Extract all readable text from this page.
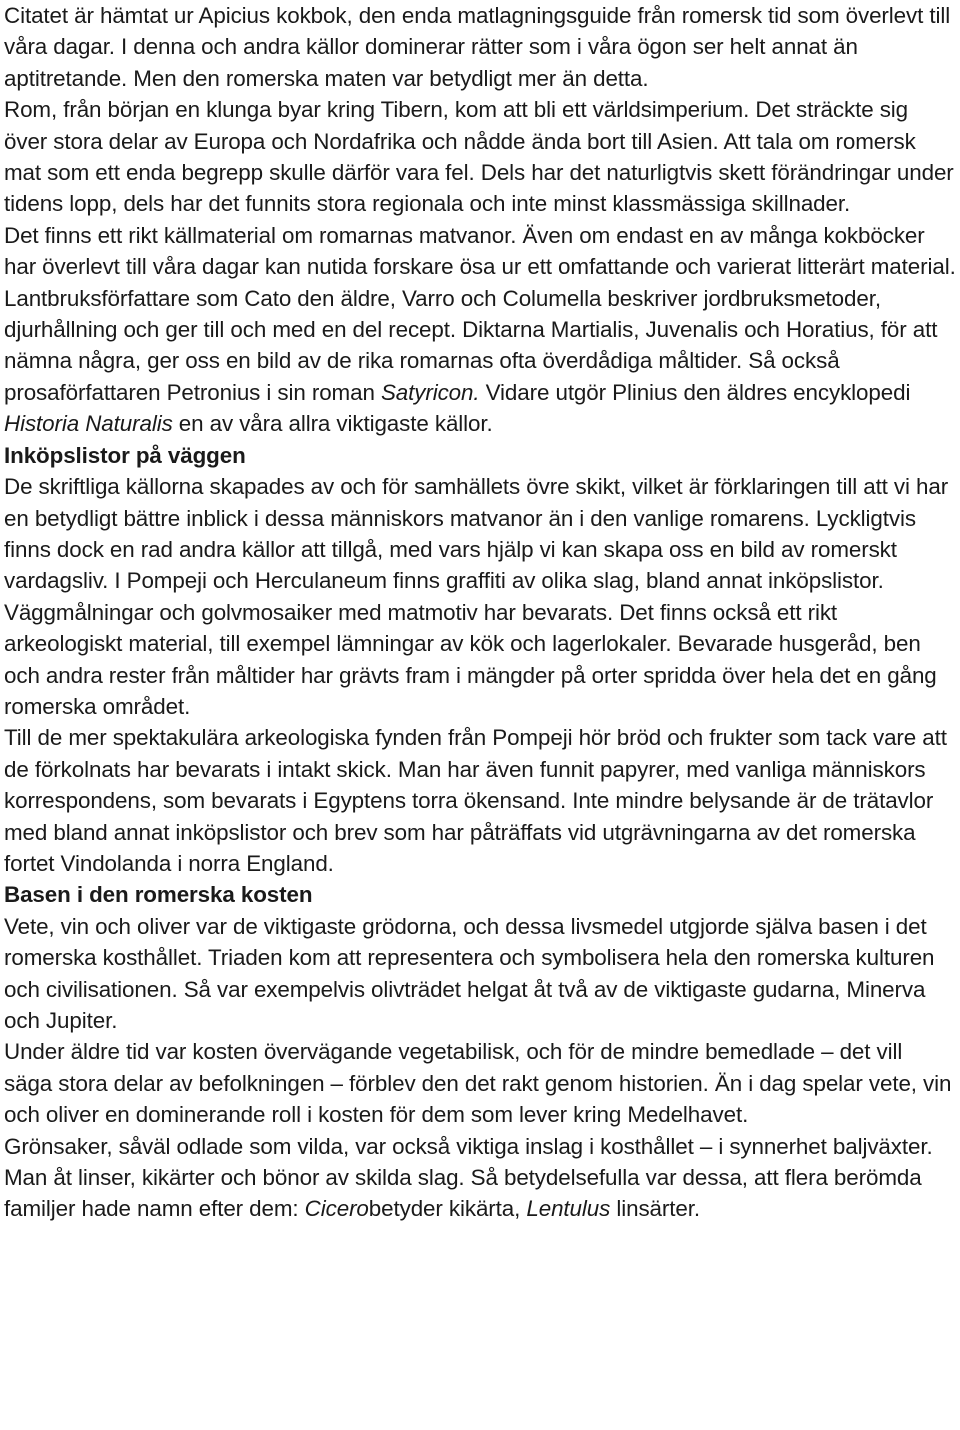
Citatet är hämtat ur Apicius kokbok, den enda matlagningsguide från romersk tid som överlevt till våra dagar. I denna och andra källor dominerar rätter som i våra ögon ser helt annat än aptitretande. Men den romerska maten var betydligt mer än detta.

Rom, från början en klunga byar kring Tibern, kom att bli ett världsimperium. Det sträckte sig över stora delar av Europa och Nordafrika och nådde ända bort till Asien. Att tala om romersk mat som ett enda begrepp skulle därför vara fel. Dels har det naturligtvis skett förändringar under tidens lopp, dels har det funnits stora regionala och inte minst klassmässiga skillnader.

Det finns ett rikt källmaterial om romarnas matvanor. Även om endast en av många kokböcker har överlevt till våra dagar kan nutida forskare ösa ur ett omfattande och varierat litterärt material. Lantbruksförfattare som Cato den äldre, Varro och Columella beskriver jordbruksmetoder, djurhållning och ger till och med en del recept. Diktarna Martialis, Juvenalis och Horatius, för att nämna några, ger oss en bild av de rika romarnas ofta överdådiga måltider. Så också prosaförfattaren Petronius i sin roman Satyricon. Vidare utgör Plinius den äldres encyklopedi Historia Naturalis en av våra allra viktigaste källor.

Inköpslistor på väggen

De skriftliga källorna skapades av och för samhällets övre skikt, vilket är förklaringen till att vi har en betydligt bättre inblick i dessa människors matvanor än i den vanlige romarens. Lyckligtvis finns dock en rad andra källor att tillgå, med vars hjälp vi kan skapa oss en bild av romerskt vardagsliv. I Pompeji och Herculaneum finns graffiti av olika slag, bland annat inköpslistor. Väggmålningar och golvmosaiker med matmotiv har bevarats. Det finns också ett rikt arkeologiskt material, till exempel lämningar av kök och lagerlokaler. Bevarade husgeråd, ben och andra rester från måltider har grävts fram i mängder på orter spridda över hela det en gång romerska området.

Till de mer spektakulära arkeologiska fynden från Pompeji hör bröd och frukter som tack vare att de förkolnats har bevarats i intakt skick. Man har även funnit papyrer, med vanliga människors korrespondens, som bevarats i Egyptens torra ökensand. Inte mindre belysande är de trätavlor med bland annat inköpslistor och brev som har påträffats vid utgrävningarna av det romerska fortet Vindolanda i norra England.

Basen i den romerska kosten

Vete, vin och oliver var de viktigaste grödorna, och dessa livsmedel utgjorde själva basen i det romerska kosthållet. Triaden kom att representera och symbolisera hela den romerska kulturen och civilisationen. Så var exempelvis olivträdet helgat åt två av de viktigaste gudarna, Minerva och Jupiter.

Under äldre tid var kosten övervägande vegetabilisk, och för de mindre bemedlade – det vill säga stora delar av befolkningen – förblev den det rakt genom historien. Än i dag spelar vete, vin och oliver en dominerande roll i kosten för dem som lever kring Medelhavet.

Grönsaker, såväl odlade som vilda, var också viktiga inslag i kosthållet – i synnerhet baljväxter. Man åt linser, kikärter och bönor av skilda slag. Så betydelsefulla var dessa, att flera berömda familjer hade namn efter dem: Cicerobetyder kikärta, Lentulus linsärter.
